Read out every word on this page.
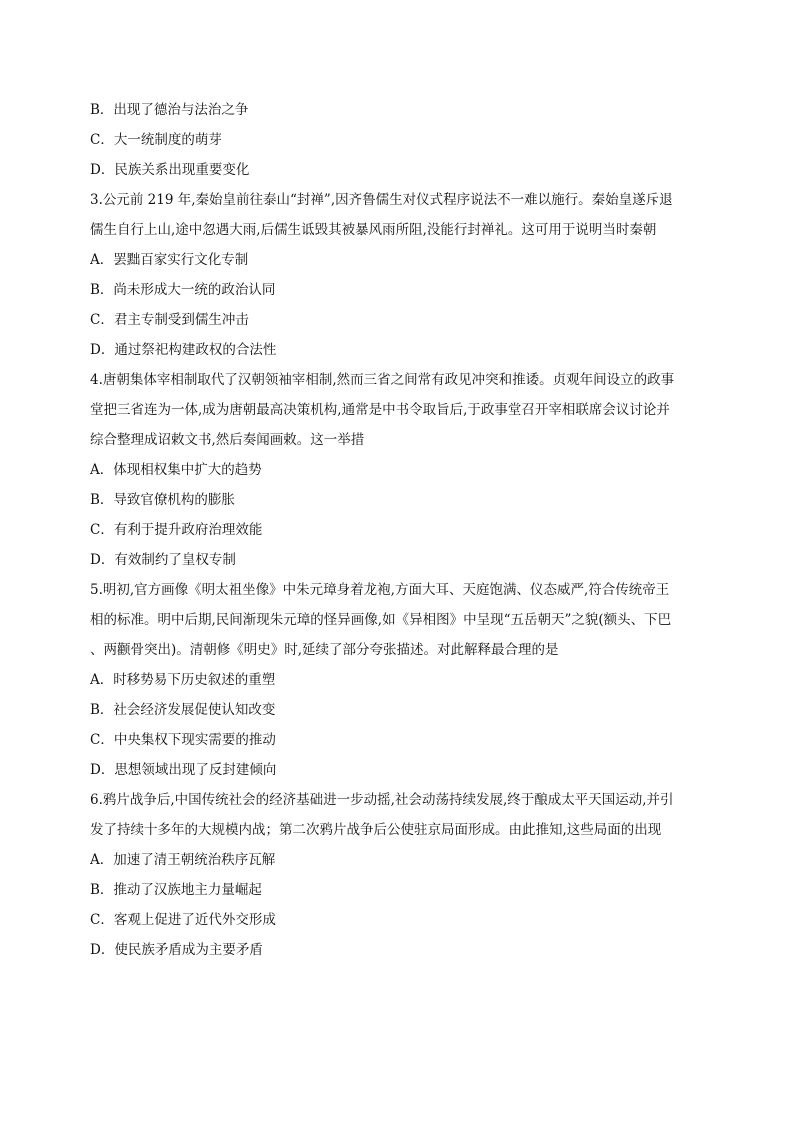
B．出现了德治与法治之争
C．大一统制度的萌芽
D．民族关系出现重要变化
3.公元前 219 年,秦始皇前往泰山“封禅”,因齐鲁儒生对仪式程序说法不一难以施行。秦始皇遂斥退
儒生自行上山,途中忽遇大雨,后儒生诋毁其被暴风雨所阻,没能行封禅礼。这可用于说明当时秦朝
A．罢黜百家实行文化专制
B．尚未形成大一统的政治认同
C．君主专制受到儒生冲击
D．通过祭祀构建政权的合法性
4.唐朝集体宰相制取代了汉朝领袖宰相制,然而三省之间常有政见冲突和推诿。贞观年间设立的政事
堂把三省连为一体,成为唐朝最高决策机构,通常是中书令取旨后,于政事堂召开宰相联席会议讨论并
综合整理成诏敕文书,然后奏闻画敕。这一举措
A．体现相权集中扩大的趋势
B．导致官僚机构的膨胀
C．有利于提升政府治理效能
D．有效制约了皇权专制
5.明初,官方画像《明太祖坐像》中朱元璋身着龙袍,方面大耳、天庭饱满、仪态威严,符合传统帝王
相的标准。明中后期,民间渐现朱元璋的怪异画像,如《异相图》中呈现“五岳朝天”之貌(额头、下巴
、两颧骨突出)。清朝修《明史》时,延续了部分夸张描述。对此解释最合理的是
A．时移势易下历史叙述的重塑
B．社会经济发展促使认知改变
C．中央集权下现实需要的推动
D．思想领域出现了反封建倾向
6.鸦片战争后,中国传统社会的经济基础进一步动摇,社会动荡持续发展,终于酿成太平天国运动,并引
发了持续十多年的大规模内战；第二次鸦片战争后公使驻京局面形成。由此推知,这些局面的出现
A．加速了清王朝统治秩序瓦解
B．推动了汉族地主力量崛起
C．客观上促进了近代外交形成
D．使民族矛盾成为主要矛盾
